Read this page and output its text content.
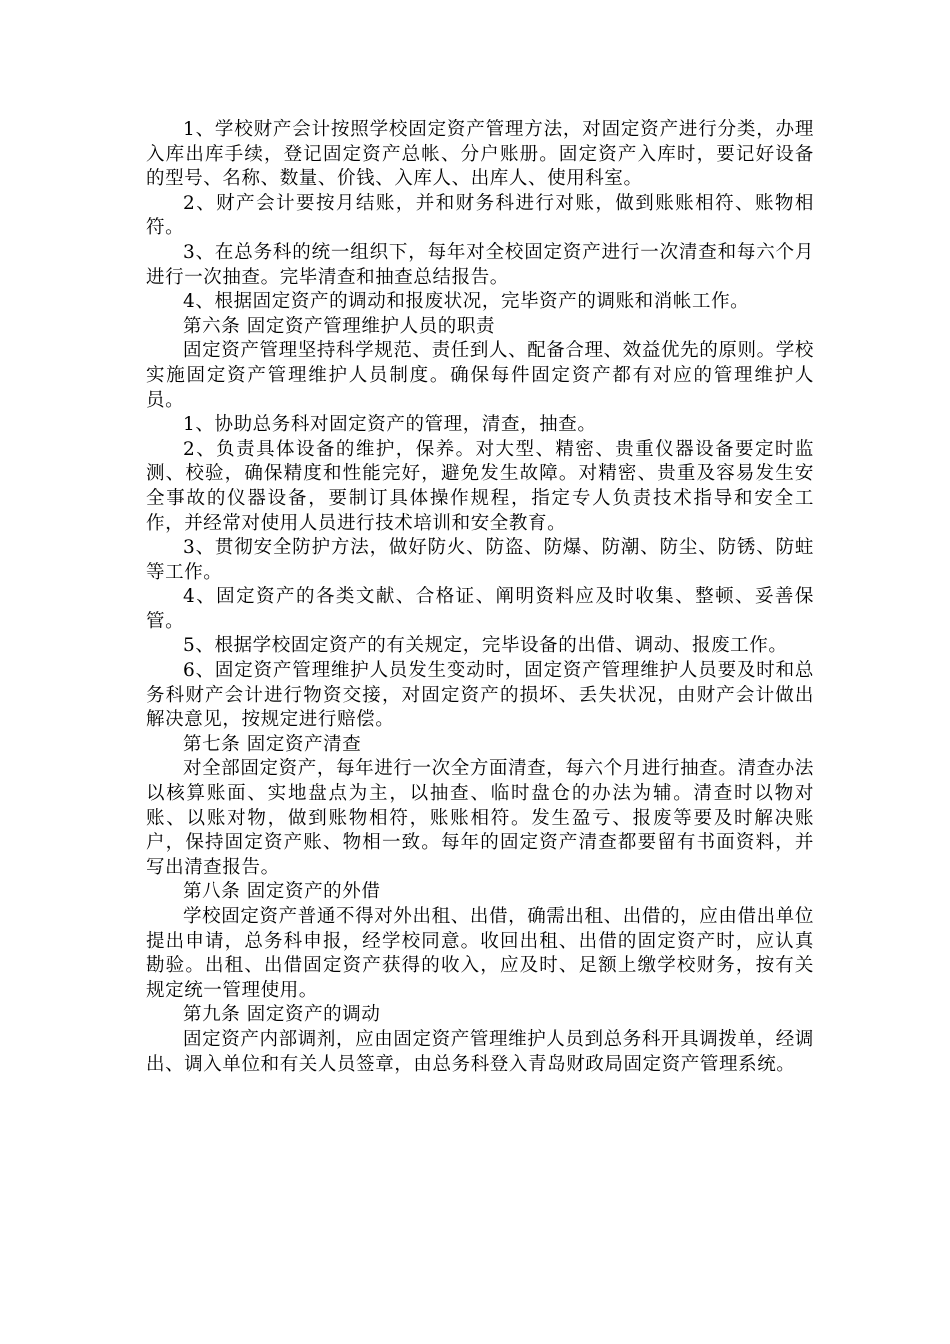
1、学校财产会计按照学校固定资产管理方法，对固定资产进行分类，办理入库出库手续，登记固定资产总帐、分户账册。固定资产入库时，要记好设备的型号、名称、数量、价钱、入库人、出库人、使用科室。

2、财产会计要按月结账，并和财务科进行对账，做到账账相符、账物相符。

3、在总务科的统一组织下，每年对全校固定资产进行一次清查和每六个月进行一次抽查。完毕清查和抽查总结报告。

4、根据固定资产的调动和报废状况，完毕资产的调账和消帐工作。

第六条 固定资产管理维护人员的职责

固定资产管理坚持科学规范、责任到人、配备合理、效益优先的原则。学校实施固定资产管理维护人员制度。确保每件固定资产都有对应的管理维护人员。

1、协助总务科对固定资产的管理，清查，抽查。

2、负责具体设备的维护，保养。对大型、精密、贵重仪器设备要定时监测、校验，确保精度和性能完好，避免发生故障。对精密、贵重及容易发生安全事故的仪器设备，要制订具体操作规程，指定专人负责技术指导和安全工作，并经常对使用人员进行技术培训和安全教育。

3、贯彻安全防护方法，做好防火、防盗、防爆、防潮、防尘、防锈、防蛀等工作。

4、固定资产的各类文献、合格证、阐明资料应及时收集、整顿、妥善保管。

5、根据学校固定资产的有关规定，完毕设备的出借、调动、报废工作。

6、固定资产管理维护人员发生变动时，固定资产管理维护人员要及时和总务科财产会计进行物资交接，对固定资产的损坏、丢失状况，由财产会计做出解决意见，按规定进行赔偿。

第七条 固定资产清查

对全部固定资产，每年进行一次全方面清查，每六个月进行抽查。清查办法以核算账面、实地盘点为主，以抽查、临时盘仓的办法为辅。清查时以物对账、以账对物，做到账物相符，账账相符。发生盈亏、报废等要及时解决账户，保持固定资产账、物相一致。每年的固定资产清查都要留有书面资料，并写出清查报告。

第八条 固定资产的外借

学校固定资产普通不得对外出租、出借，确需出租、出借的，应由借出单位提出申请，总务科申报，经学校同意。收回出租、出借的固定资产时，应认真勘验。出租、出借固定资产获得的收入，应及时、足额上缴学校财务，按有关规定统一管理使用。

第九条 固定资产的调动

固定资产内部调剂，应由固定资产管理维护人员到总务科开具调拨单，经调出、调入单位和有关人员签章，由总务科登入青岛财政局固定资产管理系统。
